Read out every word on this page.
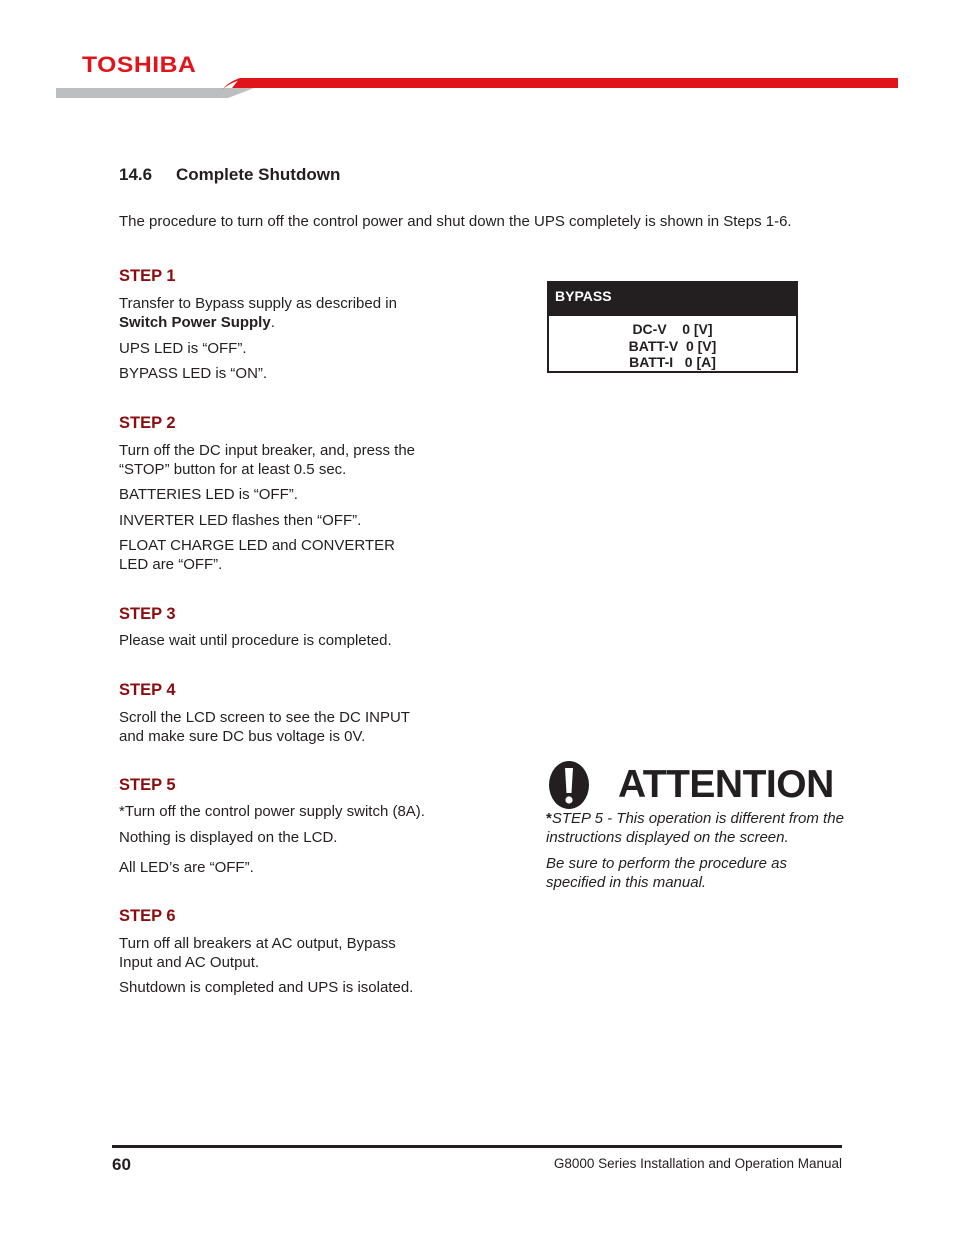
TOSHIBA
14.6 Complete Shutdown

The procedure to turn off the control power and shut down the UPS completely is shown in Steps 1-6.

STEP 1

Transfer to Bypass supply as described in
Switch Power Supply.

UPS LED is “OFF”.

BYPASS LED is “ON”.

STEP 2

Turn off the DC input breaker, and, press the “STOP” button for at least 0.5 sec.

BATTERIES LED is “OFF”.

INVERTER LED flashes then “OFF”.

FLOAT CHARGE LED and CONVERTER LED are “OFF”.

STEP 3

Please wait until procedure is completed.

STEP 4

Scroll the LCD screen to see the DC INPUT and make sure DC bus voltage is 0V.

STEP 5

*Turn off the control power supply switch (8A).

Nothing is displayed on the LCD.

All LED’s are “OFF”.

STEP 6

Turn off all breakers at AC output, Bypass Input and AC Output.

Shutdown is completed and UPS is isolated.

BYPASS
DC-V    0 [V]
BATT-V  0 [V]
BATT-I   0 [A]
ATTENTION

*STEP 5 - This operation is different from the instructions displayed on the screen.

Be sure to perform the procedure as specified in this manual.

60	G8000 Series Installation and Operation Manual
